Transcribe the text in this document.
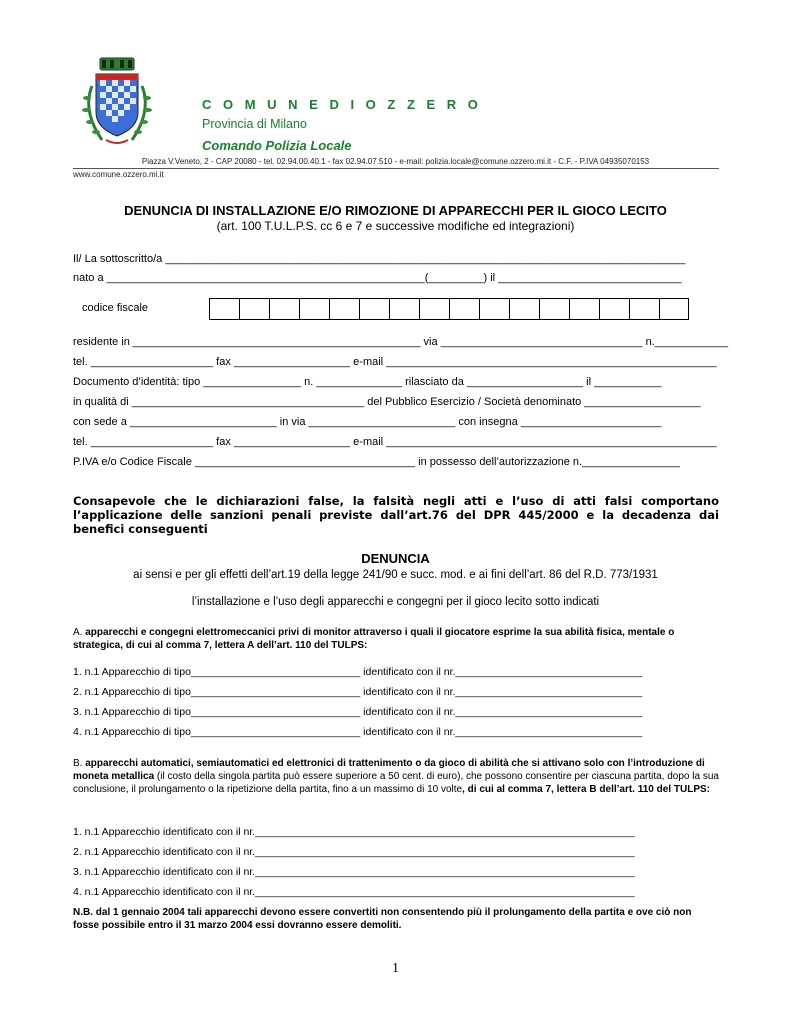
C O M U N E D I O Z Z E R O
Provincia di Milano
Comando Polizia Locale
Piazza V.Veneto, 2 - CAP 20080 - tel. 02.94.00.40.1 - fax 02.94.07.510 - e-mail: polizia.locale@comune.ozzero.mi.it - C.F. - P.IVA 04935070153
www.comune.ozzero.mi.it
DENUNCIA DI INSTALLAZIONE E/O RIMOZIONE DI APPARECCHI PER IL GIOCO LECITO
(art. 100 T.U.L.P.S. cc 6 e 7 e successive modifiche ed integrazioni)
Il/ La sottoscritto/a _____________________________________________________________________________________
nato a ____________________________________________________(_________) il ______________________________
codice fiscale
residente in _______________________________________________ via _________________________________ n.____________
tel. ____________________ fax ___________________ e-mail ______________________________________________________
Documento d’identità: tipo ________________ n. ______________ rilasciato da ___________________ il ___________
in qualità di ______________________________________ del Pubblico Esercizio / Società denominato ___________________
con sede a ________________________ in via ________________________ con insegna _______________________
tel. ____________________ fax ___________________ e-mail ______________________________________________________
P.IVA e/o Codice Fiscale ____________________________________ in possesso dell’autorizzazione n.________________
Consapevole che le dichiarazioni false, la falsità negli atti e l’uso di atti falsi comportano l’applicazione delle sanzioni penali previste dall’art.76 del DPR 445/2000 e la decadenza dai benefici conseguenti
DENUNCIA
ai sensi e per gli effetti dell’art.19 della legge 241/90 e succ. mod. e ai fini dell’art. 86 del R.D. 773/1931
l’installazione e l’uso degli apparecchi e congegni per il gioco lecito sotto indicati
A. apparecchi e congegni elettromeccanici privi di monitor attraverso i quali il giocatore esprime la sua abilità fisica, mentale o strategica, di cui al comma 7, lettera A dell’art. 110 del TULPS:
1. n.1 Apparecchio di tipo_____________________________ identificato con il nr.________________________________
2. n.1 Apparecchio di tipo_____________________________ identificato con il nr.________________________________
3. n.1 Apparecchio di tipo_____________________________ identificato con il nr.________________________________
4. n.1 Apparecchio di tipo_____________________________ identificato con il nr.________________________________
B. apparecchi automatici, semiautomatici ed elettronici di trattenimento o da gioco di abilità che si attivano solo con l’introduzione di moneta metallica (il costo della singola partita può essere superiore a 50 cent. di euro), che possono consentire per ciascuna partita, dopo la sua conclusione, il prolungamento o la ripetizione della partita, fino a un massimo di 10 volte, di cui al comma 7, lettera B dell’art. 110 del TULPS:
1. n.1 Apparecchio identificato con il nr._________________________________________________________________
2. n.1 Apparecchio identificato con il nr._________________________________________________________________
3. n.1 Apparecchio identificato con il nr._________________________________________________________________
4. n.1 Apparecchio identificato con il nr._________________________________________________________________
N.B. dal 1 gennaio 2004 tali apparecchi devono essere convertiti non consentendo più il prolungamento della partita e ove ciò non fosse possibile entro il 31 marzo 2004 essi dovranno essere demoliti.
1
